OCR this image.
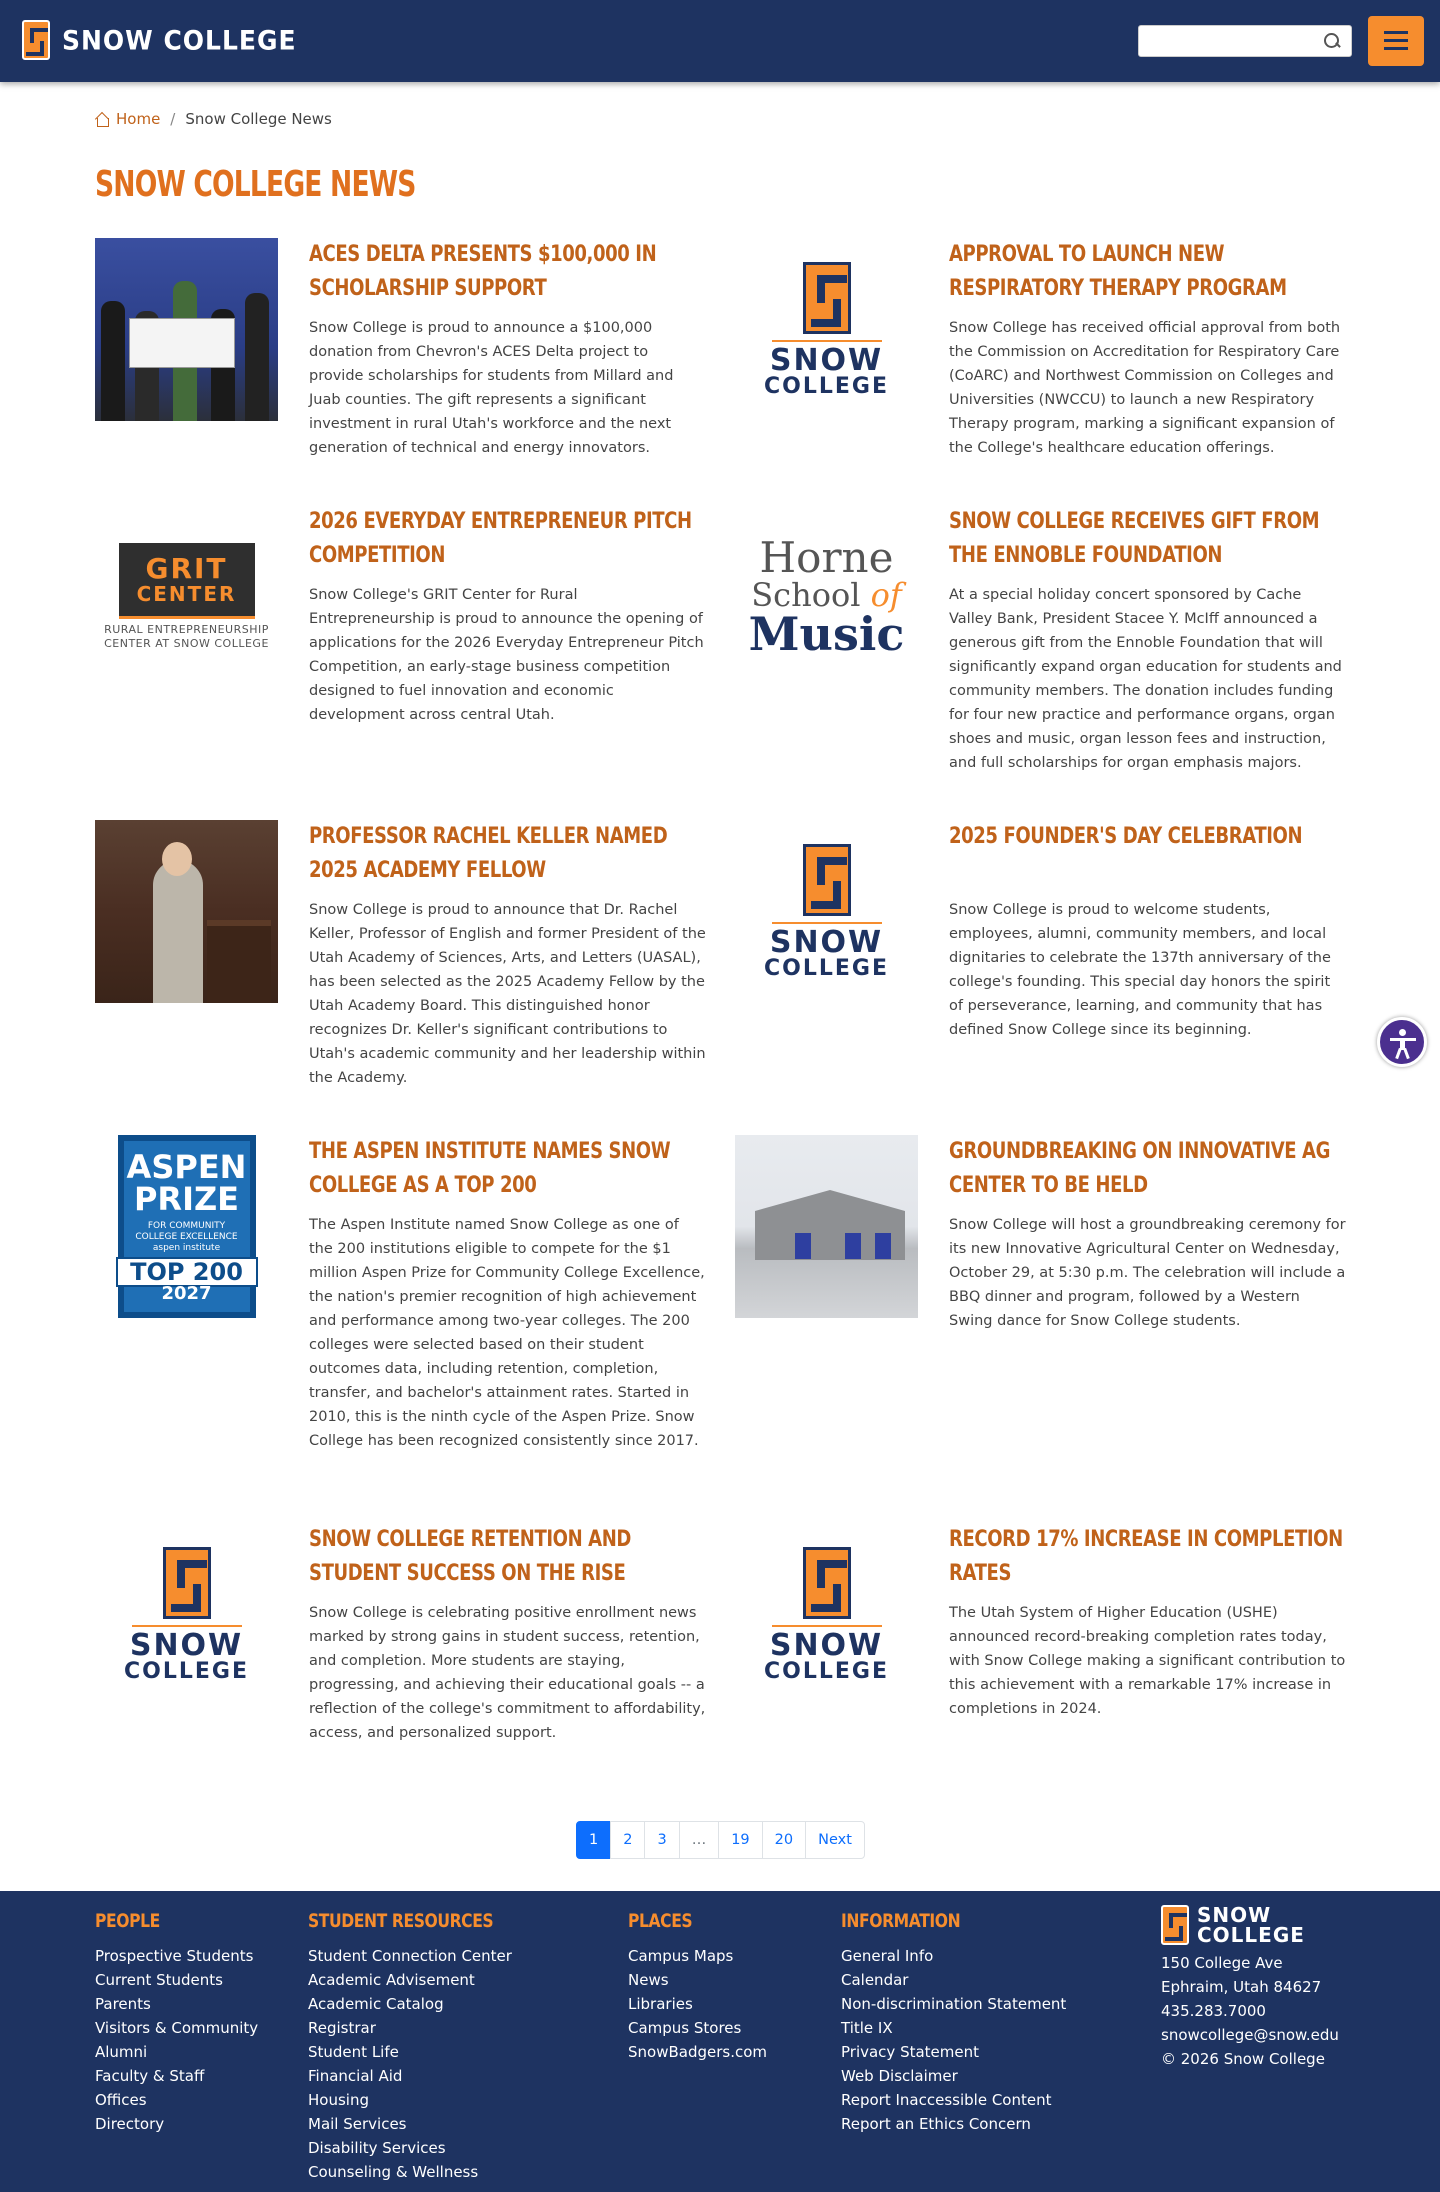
SNOW COLLEGE
Home / Snow College News
SNOW COLLEGE NEWS
ACES DELTA PRESENTS $100,000 IN SCHOLARSHIP SUPPORT

Snow College is proud to announce a $100,000 donation from Chevron's ACES Delta project to provide scholarships for students from Millard and Juab counties. The gift represents a significant investment in rural Utah's workforce and the next generation of technical and energy innovators.

SNOW
COLLEGE
APPROVAL TO LAUNCH NEW RESPIRATORY THERAPY PROGRAM

Snow College has received official approval from both the Commission on Accreditation for Respiratory Care (CoARC) and Northwest Commission on Colleges and Universities (NWCCU) to launch a new Respiratory Therapy program, marking a significant expansion of the College's healthcare education offerings.

GRIT
CENTER
RURAL ENTREPRENEURSHIP
CENTER AT SNOW COLLEGE
2026 EVERYDAY ENTREPRENEUR PITCH COMPETITION

Snow College's GRIT Center for Rural Entrepreneurship is proud to announce the opening of applications for the 2026 Everyday Entrepreneur Pitch Competition, an early-stage business competition designed to fuel innovation and economic development across central Utah.

Horne
School of
Music
SNOW COLLEGE RECEIVES GIFT FROM THE ENNOBLE FOUNDATION

At a special holiday concert sponsored by Cache Valley Bank, President Stacee Y. McIff announced a generous gift from the Ennoble Foundation that will significantly expand organ education for students and community members. The donation includes funding for four new practice and performance organs, organ shoes and music, organ lesson fees and instruction, and full scholarships for organ emphasis majors.

PROFESSOR RACHEL KELLER NAMED 2025 ACADEMY FELLOW

Snow College is proud to announce that Dr. Rachel Keller, Professor of English and former President of the Utah Academy of Sciences, Arts, and Letters (UASAL), has been selected as the 2025 Academy Fellow by the Utah Academy Board. This distinguished honor recognizes Dr. Keller's significant contributions to Utah's academic community and her leadership within the Academy.

SNOW
COLLEGE
2025 FOUNDER'S DAY CELEBRATION

Snow College is proud to welcome students, employees, alumni, community members, and local dignitaries to celebrate the 137th anniversary of the college's founding. This special day honors the spirit of perseverance, learning, and community that has defined Snow College since its beginning.

ASPEN
PRIZE
FOR COMMUNITY
COLLEGE EXCELLENCE
aspen institute
TOP 200
2027
THE ASPEN INSTITUTE NAMES SNOW COLLEGE AS A TOP 200

The Aspen Institute named Snow College as one of the 200 institutions eligible to compete for the $1 million Aspen Prize for Community College Excellence, the nation's premier recognition of high achievement and performance among two-year colleges. The 200 colleges were selected based on their student outcomes data, including retention, completion, transfer, and bachelor's attainment rates. Started in 2010, this is the ninth cycle of the Aspen Prize. Snow College has been recognized consistently since 2017.

GROUNDBREAKING ON INNOVATIVE AG CENTER TO BE HELD

Snow College will host a groundbreaking ceremony for its new Innovative Agricultural Center on Wednesday, October 29, at 5:30 p.m. The celebration will include a BBQ dinner and program, followed by a Western Swing dance for Snow College students.

SNOW
COLLEGE
SNOW COLLEGE RETENTION AND STUDENT SUCCESS ON THE RISE

Snow College is celebrating positive enrollment news marked by strong gains in student success, retention, and completion. More students are staying, progressing, and achieving their educational goals -- a reflection of the college's commitment to affordability, access, and personalized support.

SNOW
COLLEGE
RECORD 17% INCREASE IN COMPLETION RATES

The Utah System of Higher Education (USHE) announced record-breaking completion rates today, with Snow College making a significant contribution to this achievement with a remarkable 17% increase in completions in 2024.

1	2	3	…	19	20	Next
PEOPLE
Prospective Students
Current Students
Parents
Visitors & Community
Alumni
Faculty & Staff
Offices
Directory
STUDENT RESOURCES
Student Connection Center
Academic Advisement
Academic Catalog
Registrar
Student Life
Financial Aid
Housing
Mail Services
Disability Services
Counseling & Wellness
PLACES
Campus Maps
News
Libraries
Campus Stores
SnowBadgers.com
INFORMATION
General Info
Calendar
Non-discrimination Statement
Title IX
Privacy Statement
Web Disclaimer
Report Inaccessible Content
Report an Ethics Concern
SNOW
COLLEGE
150 College Ave
Ephraim, Utah 84627
435.283.7000
snowcollege@snow.edu
© 2026 Snow College
